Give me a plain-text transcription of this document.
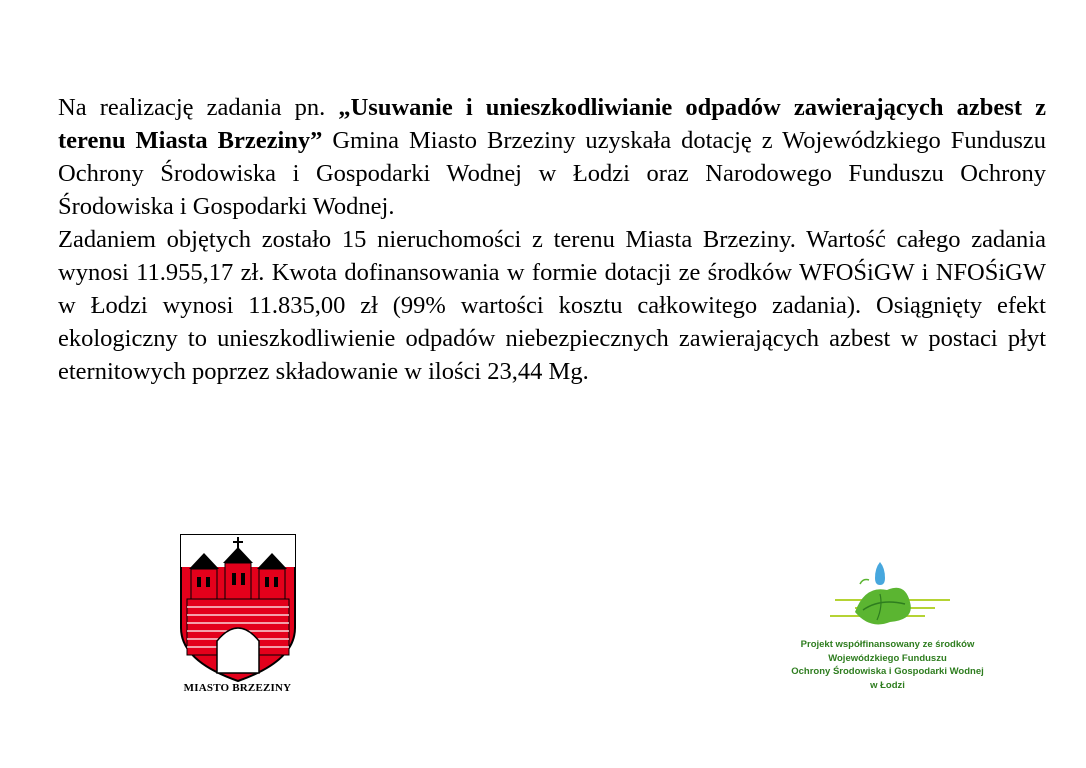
Na realizację zadania pn. „Usuwanie i unieszkodliwianie odpadów zawierających azbest z terenu Miasta Brzeziny” Gmina Miasto Brzeziny uzyskała dotację z Wojewódzkiego Funduszu Ochrony Środowiska i Gospodarki Wodnej w Łodzi oraz Narodowego Funduszu Ochrony Środowiska i Gospodarki Wodnej.

Zadaniem objętych zostało 15 nieruchomości z terenu Miasta Brzeziny. Wartość całego zadania wynosi 11.955,17 zł. Kwota dofinansowania w formie dotacji ze środków WFOŚiGW i NFOŚiGW w Łodzi wynosi 11.835,00 zł (99% wartości kosztu całkowitego zadania). Osiągnięty efekt ekologiczny to unieszkodliwienie odpadów niebezpiecznych zawierających azbest w postaci płyt eternitowych poprzez składowanie w ilości 23,44 Mg.

MIASTO BRZEZINY
Projekt współfinansowany ze środków
Wojewódzkiego Funduszu
Ochrony Środowiska i Gospodarki Wodnej
w Łodzi
